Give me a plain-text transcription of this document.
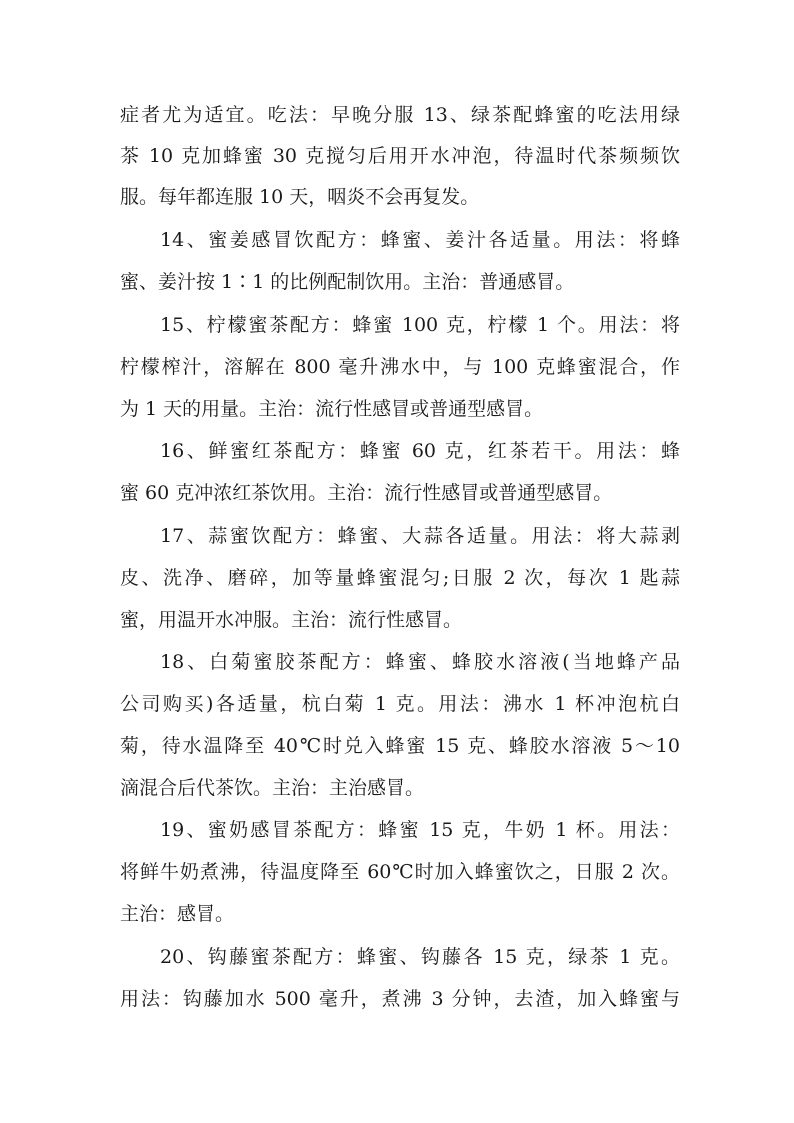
症者尤为适宜。吃法：早晚分服 13、绿茶配蜂蜜的吃法用绿
茶 10 克加蜂蜜 30 克搅匀后用开水冲泡，待温时代茶频频饮
服。每年都连服 10 天，咽炎不会再复发。
14、蜜姜感冒饮配方：蜂蜜、姜汁各适量。用法：将蜂
蜜、姜汁按 1∶1 的比例配制饮用。主治：普通感冒。
15、柠檬蜜茶配方：蜂蜜 100 克，柠檬 1 个。用法：将
柠檬榨汁，溶解在 800 毫升沸水中，与 100 克蜂蜜混合，作
为 1 天的用量。主治：流行性感冒或普通型感冒。
16、鲜蜜红茶配方：蜂蜜 60 克，红茶若干。用法：蜂
蜜 60 克冲浓红茶饮用。主治：流行性感冒或普通型感冒。
17、蒜蜜饮配方：蜂蜜、大蒜各适量。用法：将大蒜剥
皮、洗净、磨碎，加等量蜂蜜混匀;日服 2 次，每次 1 匙蒜
蜜，用温开水冲服。主治：流行性感冒。
18、白菊蜜胶茶配方：蜂蜜、蜂胶水溶液(当地蜂产品
公司购买)各适量，杭白菊 1 克。用法：沸水 1 杯冲泡杭白
菊，待水温降至 40℃时兑入蜂蜜 15 克、蜂胶水溶液 5～10
滴混合后代茶饮。主治：主治感冒。
19、蜜奶感冒茶配方：蜂蜜 15 克，牛奶 1 杯。用法：
将鲜牛奶煮沸，待温度降至 60℃时加入蜂蜜饮之，日服 2 次。
主治：感冒。
20、钩藤蜜茶配方：蜂蜜、钩藤各 15 克，绿茶 1 克。
用法：钩藤加水 500 毫升，煮沸 3 分钟，去渣，加入蜂蜜与
